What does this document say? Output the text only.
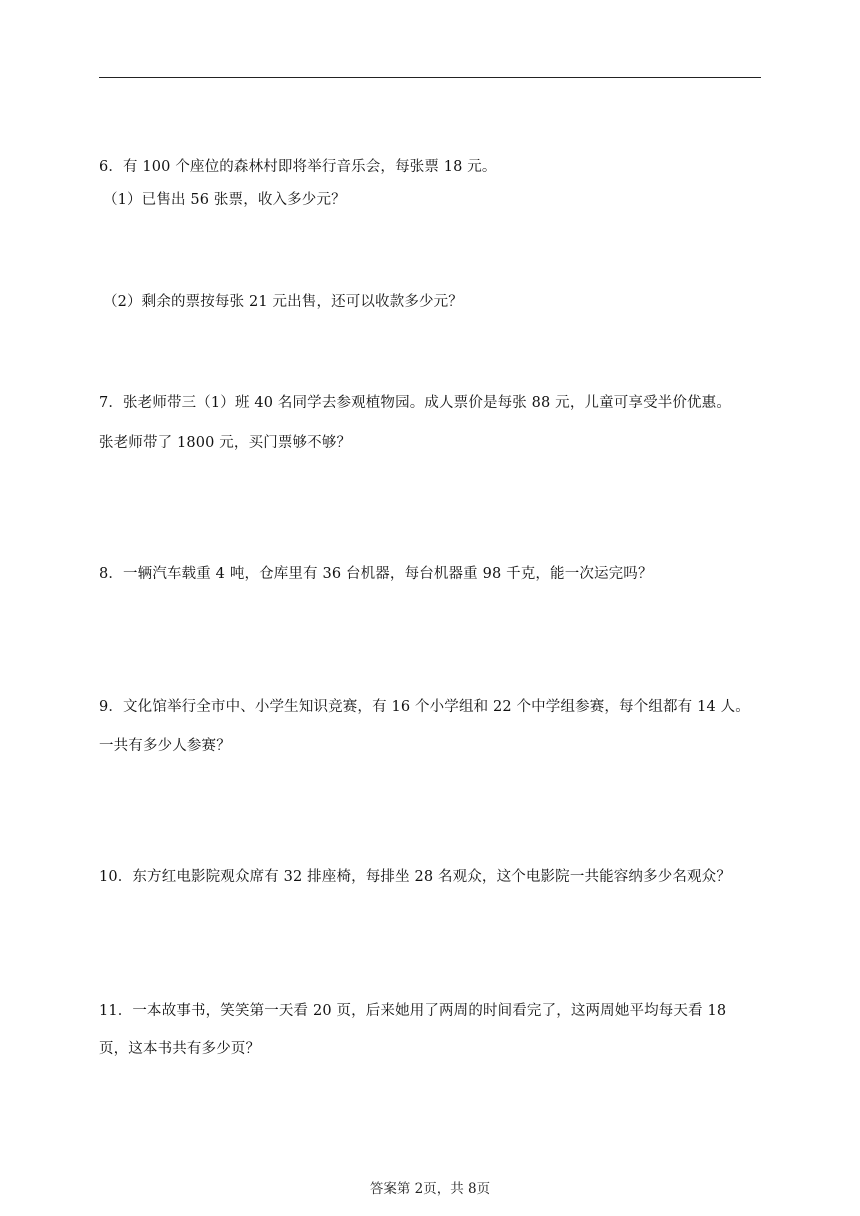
6．有 100 个座位的森林村即将举行音乐会，每张票 18 元。
（1）已售出 56 张票，收入多少元？
（2）剩余的票按每张 21 元出售，还可以收款多少元？
7．张老师带三（1）班 40 名同学去参观植物园。成人票价是每张 88 元，儿童可享受半价优惠。
张老师带了 1800 元，买门票够不够？
8．一辆汽车载重 4 吨，仓库里有 36 台机器，每台机器重 98 千克，能一次运完吗？
9．文化馆举行全市中、小学生知识竞赛，有 16 个小学组和 22 个中学组参赛，每个组都有 14 人。
一共有多少人参赛？
10．东方红电影院观众席有 32 排座椅，每排坐 28 名观众，这个电影院一共能容纳多少名观众？
11．一本故事书，笑笑第一天看 20 页，后来她用了两周的时间看完了，这两周她平均每天看 18
页，这本书共有多少页？
答案第 2页，共 8页
